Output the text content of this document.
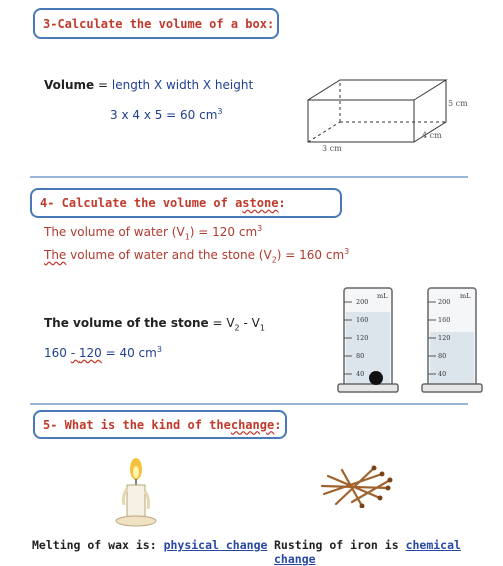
3-Calculate the volume of a box:
Volume = length X width X height
3 x 4 x 5 = 60 $cm^3$
5 cm
4 cm
3 cm
4- Calculate the volume of a stone :
The volume of water $(V_1) = 120$ $cm^3$
The volume of water and the stone $(V_2) = 160$ $cm^3$
The volume of the stone = $V_2 - V_1$
160 - 120 = 40 $cm^3$
200
mL
160
120
80
40
200
mL
160
120
80
40
5- What is the kind of the change :
Melting of wax is: physical change Rusting of iron is chemical change
